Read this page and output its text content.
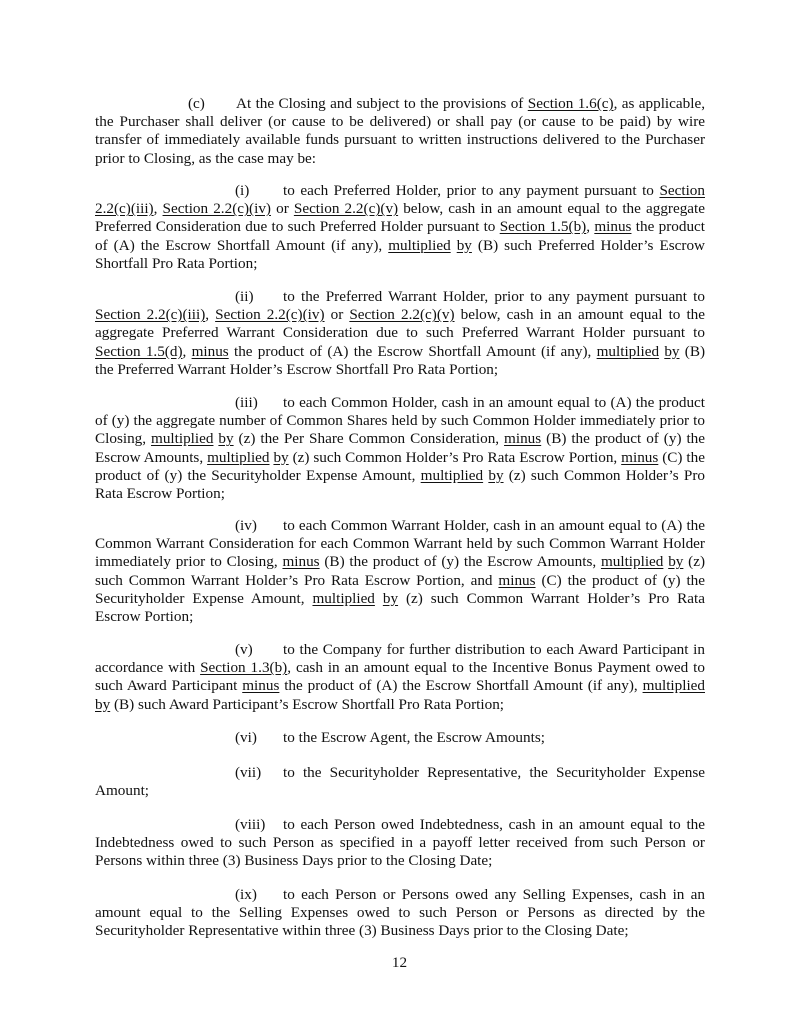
(c) At the Closing and subject to the provisions of Section 1.6(c), as applicable, the Purchaser shall deliver (or cause to be delivered) or shall pay (or cause to be paid) by wire transfer of immediately available funds pursuant to written instructions delivered to the Purchaser prior to Closing, as the case may be:
(i) to each Preferred Holder, prior to any payment pursuant to Section 2.2(c)(iii), Section 2.2(c)(iv) or Section 2.2(c)(v) below, cash in an amount equal to the aggregate Preferred Consideration due to such Preferred Holder pursuant to Section 1.5(b), minus the product of (A) the Escrow Shortfall Amount (if any), multiplied by (B) such Preferred Holder’s Escrow Shortfall Pro Rata Portion;
(ii) to the Preferred Warrant Holder, prior to any payment pursuant to Section 2.2(c)(iii), Section 2.2(c)(iv) or Section 2.2(c)(v) below, cash in an amount equal to the aggregate Preferred Warrant Consideration due to such Preferred Warrant Holder pursuant to Section 1.5(d), minus the product of (A) the Escrow Shortfall Amount (if any), multiplied by (B) the Preferred Warrant Holder’s Escrow Shortfall Pro Rata Portion;
(iii) to each Common Holder, cash in an amount equal to (A) the product of (y) the aggregate number of Common Shares held by such Common Holder immediately prior to Closing, multiplied by (z) the Per Share Common Consideration, minus (B) the product of (y) the Escrow Amounts, multiplied by (z) such Common Holder’s Pro Rata Escrow Portion, minus (C) the product of (y) the Securityholder Expense Amount, multiplied by (z) such Common Holder’s Pro Rata Escrow Portion;
(iv) to each Common Warrant Holder, cash in an amount equal to (A) the Common Warrant Consideration for each Common Warrant held by such Common Warrant Holder immediately prior to Closing, minus (B) the product of (y) the Escrow Amounts, multiplied by (z) such Common Warrant Holder’s Pro Rata Escrow Portion, and minus (C) the product of (y) the Securityholder Expense Amount, multiplied by (z) such Common Warrant Holder’s Pro Rata Escrow Portion;
(v) to the Company for further distribution to each Award Participant in accordance with Section 1.3(b), cash in an amount equal to the Incentive Bonus Payment owed to such Award Participant minus the product of (A) the Escrow Shortfall Amount (if any), multiplied by (B) such Award Participant’s Escrow Shortfall Pro Rata Portion;
(vi) to the Escrow Agent, the Escrow Amounts;
(vii) to the Securityholder Representative, the Securityholder Expense Amount;
(viii) to each Person owed Indebtedness, cash in an amount equal to the Indebtedness owed to such Person as specified in a payoff letter received from such Person or Persons within three (3) Business Days prior to the Closing Date;
(ix) to each Person or Persons owed any Selling Expenses, cash in an amount equal to the Selling Expenses owed to such Person or Persons as directed by the Securityholder Representative within three (3) Business Days prior to the Closing Date;
12
